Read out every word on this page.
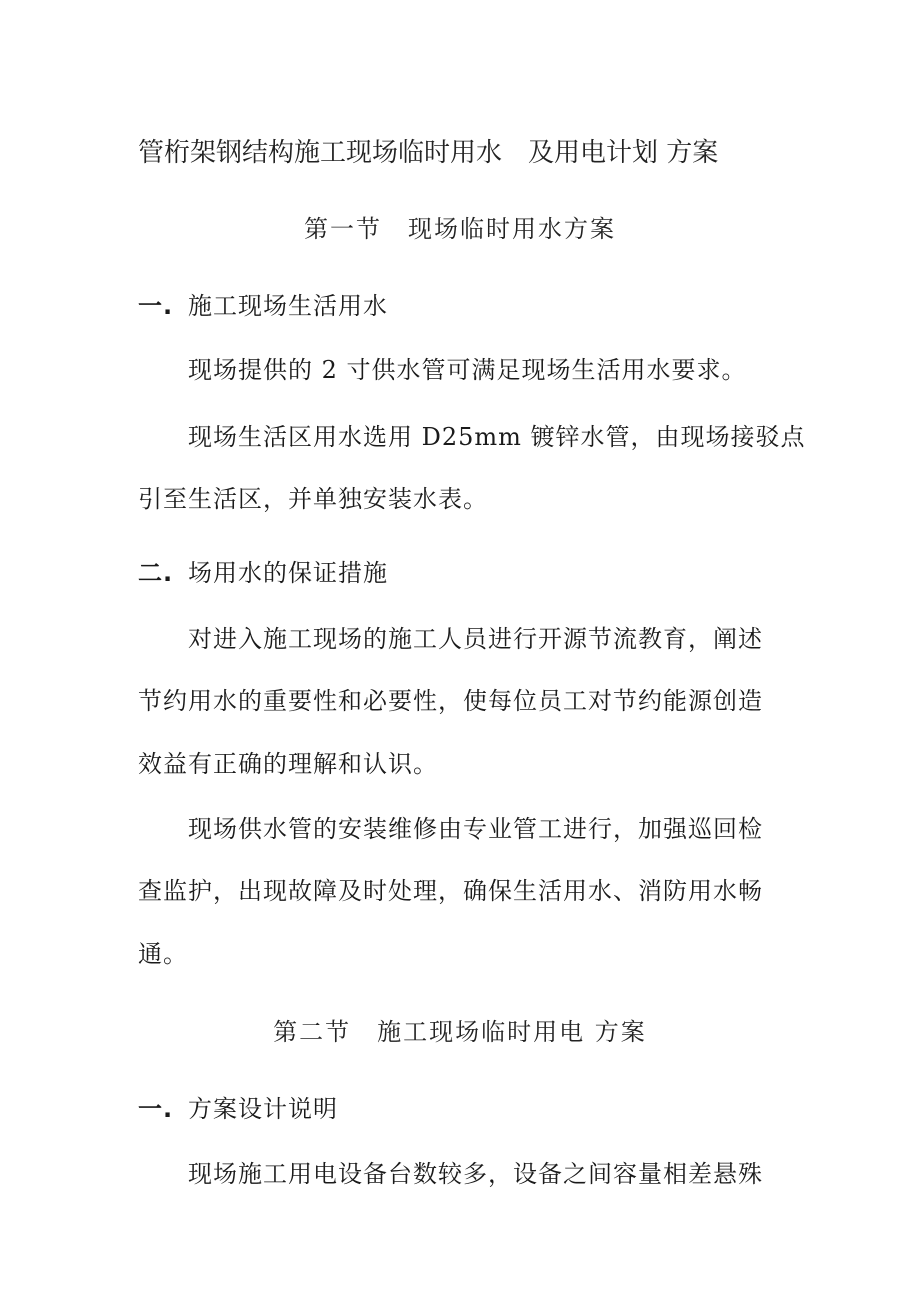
管桁架钢结构施工现场临时用水　及用电计划 方案
第一节　现场临时用水方案
一. 施工现场生活用水
现场提供的 2 寸供水管可满足现场生活用水要求。
现场生活区用水选用 D25mm 镀锌水管，由现场接驳点
引至生活区，并单独安装水表。
二. 场用水的保证措施
对进入施工现场的施工人员进行开源节流教育，阐述
节约用水的重要性和必要性，使每位员工对节约能源创造
效益有正确的理解和认识。
现场供水管的安装维修由专业管工进行，加强巡回检
查监护，出现故障及时处理，确保生活用水、消防用水畅
通。
第二节　施工现场临时用电 方案
一. 方案设计说明
现场施工用电设备台数较多，设备之间容量相差悬殊
